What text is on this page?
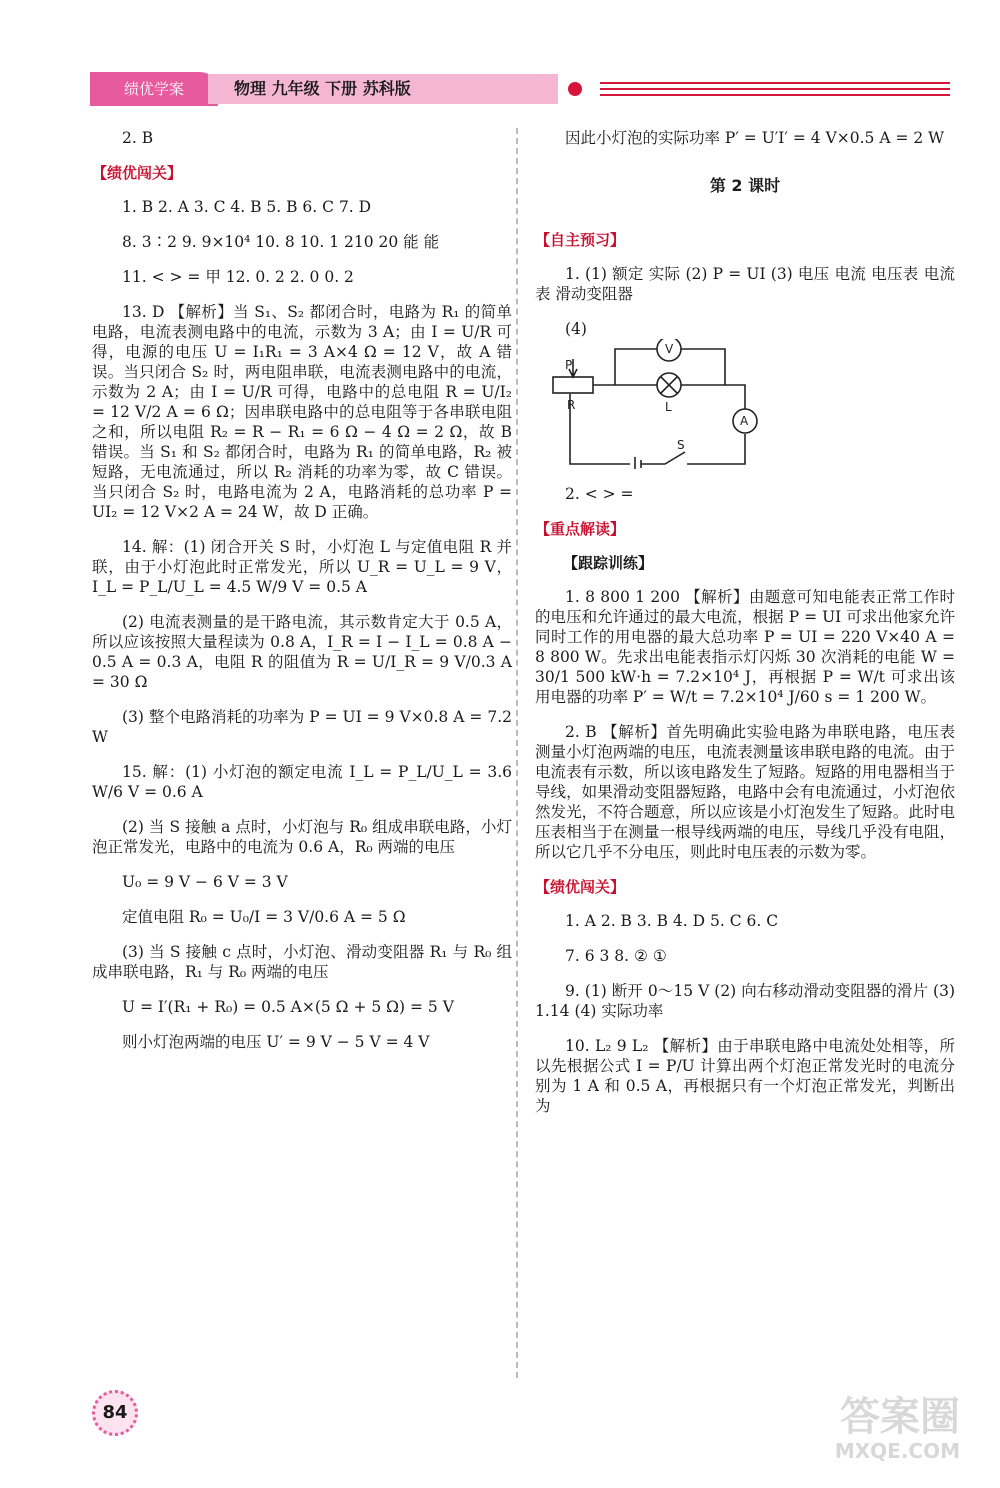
绩优学案	物理 九年级 下册 苏科版

2. B

【绩优闯关】

1. B 2. A 3. C 4. B 5. B 6. C 7. D

8. 3∶2 9. 9×10⁴ 10. 8 10. 1 210 20 能 能

11. < > = 甲 12. 0. 2 2. 0 0. 2

13. D 【解析】当 S₁、S₂ 都闭合时，电路为 R₁ 的简单电路，电流表测电路中的电流，示数为 3 A；由 I = U/R 可得，电源的电压 U = I₁R₁ = 3 A×4 Ω = 12 V，故 A 错误。当只闭合 S₂ 时，两电阻串联，电流表测电路中的电流，示数为 2 A；由 I = U/R 可得，电路中的总电阻 R = U/I₂ = 12 V/2 A = 6 Ω；因串联电路中的总电阻等于各串联电阻之和，所以电阻 R₂ = R − R₁ = 6 Ω − 4 Ω = 2 Ω，故 B 错误。当 S₁ 和 S₂ 都闭合时，电路为 R₁ 的简单电路，R₂ 被短路，无电流通过，所以 R₂ 消耗的功率为零，故 C 错误。当只闭合 S₂ 时，电路电流为 2 A，电路消耗的总功率 P = UI₂ = 12 V×2 A = 24 W，故 D 正确。

14. 解：(1) 闭合开关 S 时，小灯泡 L 与定值电阻 R 并联，由于小灯泡此时正常发光，所以 U_R = U_L = 9 V，I_L = P_L/U_L = 4.5 W/9 V = 0.5 A

(2) 电流表测量的是干路电流，其示数肯定大于 0.5 A，所以应该按照大量程读为 0.8 A，I_R = I − I_L = 0.8 A − 0.5 A = 0.3 A，电阻 R 的阻值为 R = U/I_R = 9 V/0.3 A = 30 Ω

(3) 整个电路消耗的功率为 P = UI = 9 V×0.8 A = 7.2 W

15. 解：(1) 小灯泡的额定电流 I_L = P_L/U_L = 3.6 W/6 V = 0.6 A

(2) 当 S 接触 a 点时，小灯泡与 R₀ 组成串联电路，小灯泡正常发光，电路中的电流为 0.6 A，R₀ 两端的电压

U₀ = 9 V − 6 V = 3 V

定值电阻 R₀ = U₀/I = 3 V/0.6 A = 5 Ω

(3) 当 S 接触 c 点时，小灯泡、滑动变阻器 R₁ 与 R₀ 组成串联电路，R₁ 与 R₀ 两端的电压

U = I′(R₁ + R₀) = 0.5 A×(5 Ω + 5 Ω) = 5 V

则小灯泡两端的电压 U′ = 9 V − 5 V = 4 V

因此小灯泡的实际功率 P′ = U′I′ = 4 V×0.5 A = 2 W

第 2 课时
【自主预习】

1. (1) 额定 实际 (2) P = UI (3) 电压 电流 电压表 电流表 滑动变阻器

(4)

P
R
V
L
A
S

2. < > =

【重点解读】
【跟踪训练】

1. 8 800 1 200 【解析】由题意可知电能表正常工作时的电压和允许通过的最大电流，根据 P = UI 可求出他家允许同时工作的用电器的最大总功率 P = UI = 220 V×40 A = 8 800 W。先求出电能表指示灯闪烁 30 次消耗的电能 W = 30/1 500 kW·h = 7.2×10⁴ J，再根据 P = W/t 可求出该用电器的功率 P′ = W/t = 7.2×10⁴ J/60 s = 1 200 W。

2. B 【解析】首先明确此实验电路为串联电路，电压表测量小灯泡两端的电压，电流表测量该串联电路的电流。由于电流表有示数，所以该电路发生了短路。短路的用电器相当于导线，如果滑动变阻器短路，电路中会有电流通过，小灯泡依然发光，不符合题意，所以应该是小灯泡发生了短路。此时电压表相当于在测量一根导线两端的电压，导线几乎没有电阻，所以它几乎不分电压，则此时电压表的示数为零。

【绩优闯关】

1. A 2. B 3. B 4. D 5. C 6. C

7. 6 3 8. ② ①

9. (1) 断开 0～15 V (2) 向右移动滑动变阻器的滑片 (3) 1.14 (4) 实际功率

10. L₂ 9 L₂ 【解析】由于串联电路中电流处处相等，所以先根据公式 I = P/U 计算出两个灯泡正常发光时的电流分别为 1 A 和 0.5 A，再根据只有一个灯泡正常发光，判断出为

84	答案圈
MXQE.COM
